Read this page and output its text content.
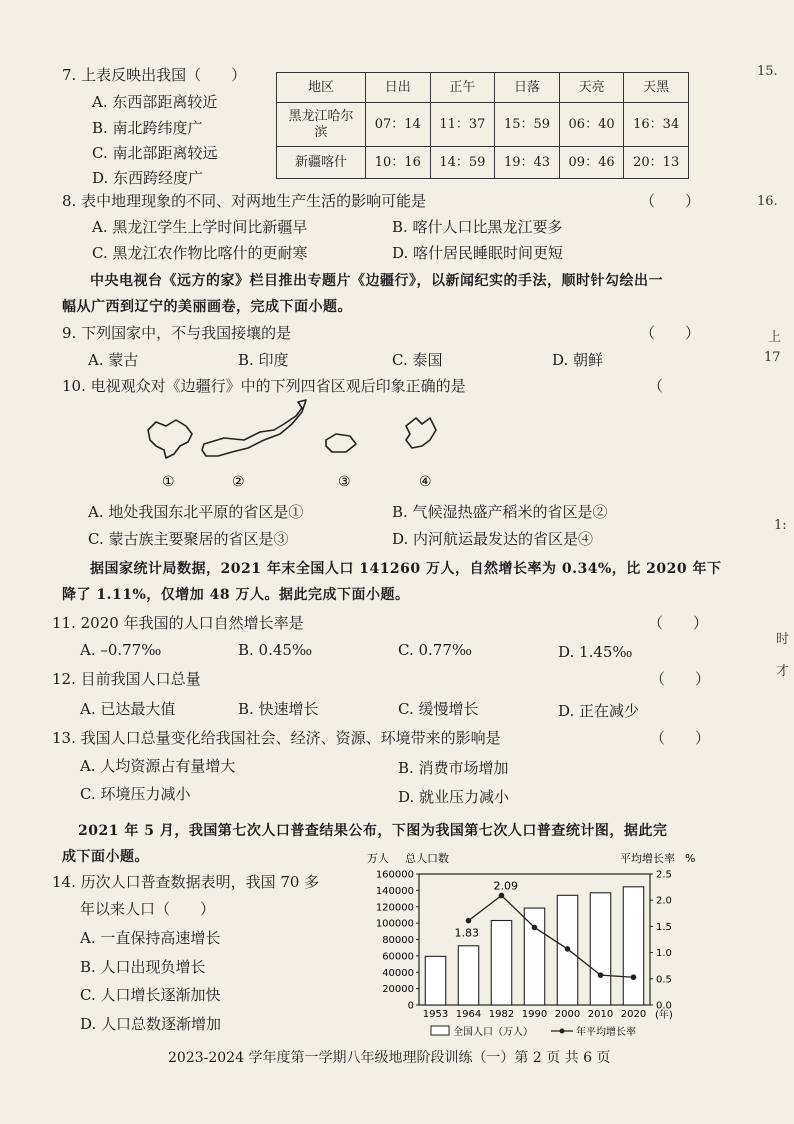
7. 上表反映出我国（　　）
A. 东西部距离较近
B. 南北跨纬度广
C. 南北部距离较远
D. 东西跨经度广
地区	日出	正午	日落	天亮	天黑
黑龙江哈尔滨	07：14	11：37	15：59	06：40	16：34
新疆喀什	10：16	14：59	19：43	09：46	20：13
8. 表中地理现象的不同、对两地生产生活的影响可能是	（　　）
A. 黑龙江学生上学时间比新疆早	B. 喀什人口比黑龙江要多
C. 黑龙江农作物比喀什的更耐寒	D. 喀什居民睡眠时间更短
中央电视台《远方的家》栏目推出专题片《边疆行》，以新闻纪实的手法，顺时针勾绘出一
幅从广西到辽宁的美丽画卷，完成下面小题。
9. 下列国家中，不与我国接壤的是	（　　）
A. 蒙古	B. 印度	C. 泰国	D. 朝鲜
10. 电视观众对《边疆行》中的下列四省区观后印象正确的是	（
①	②	③	④
A. 地处我国东北平原的省区是①	B. 气候湿热盛产稻米的省区是②
C. 蒙古族主要聚居的省区是③	D. 内河航运最发达的省区是④
据国家统计局数据，2021 年末全国人口 141260 万人，自然增长率为 0.34%，比 2020 年下
降了 1.11%，仅增加 48 万人。据此完成下面小题。
11. 2020 年我国的人口自然增长率是	（　　）
A. –0.77‰	B. 0.45‰	C. 0.77‰	D. 1.45‰
12. 目前我国人口总量	（　　）
A. 已达最大值	B. 快速增长	C. 缓慢增长	D. 正在减少
13. 我国人口总量变化给我国社会、经济、资源、环境带来的影响是	（　　）
A. 人均资源占有量增大	B. 消费市场增加
C. 环境压力减小	D. 就业压力减小
2021 年 5 月，我国第七次人口普查结果公布，下图为我国第七次人口普查统计图，据此完
成下面小题。
14. 历次人口普查数据表明，我国 70 多
年以来人口（　　）
A. 一直保持高速增长
B. 人口出现负增长
C. 人口增长逐渐加快
D. 人口总数逐渐增加
万人 总人口数	平均增长率 %
(年)
0
20000
40000
60000
80000
100000
120000
140000
160000
0.0
0.5
1.0
1.5
2.0
2.5
1953 1964 1982 1990 2000 2010 2020
1.83
2.09
全国人口（万人）	年平均增长率
15.
16.
上
17
1:
时
才
2023-2024 学年度第一学期八年级地理阶段训练（一）第 2 页 共 6 页
